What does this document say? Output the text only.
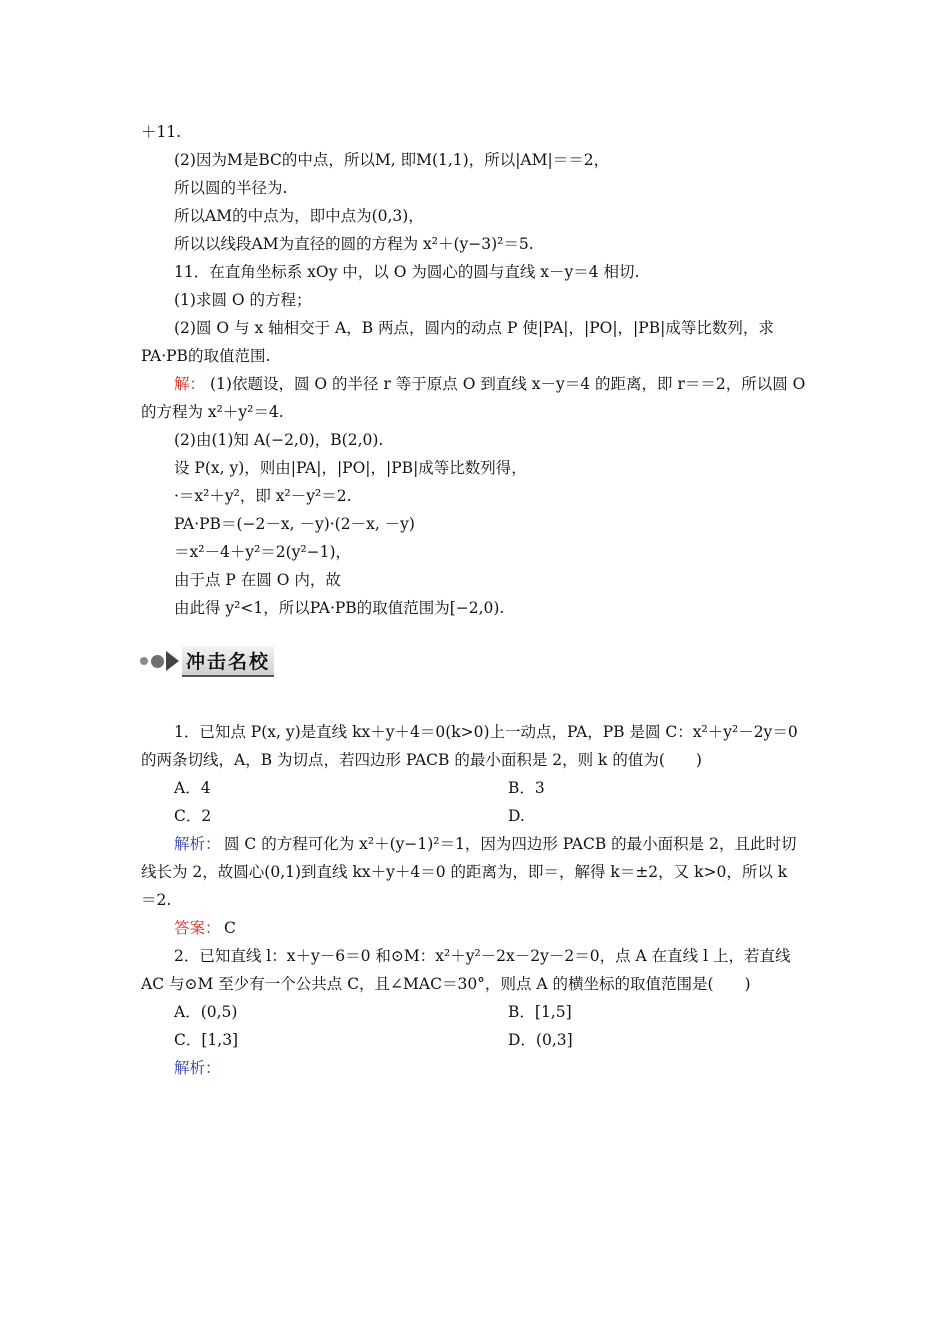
＋11.
(2)因为M是BC的中点，所以M, 即M(1,1)，所以|AM|＝＝2，
所以圆的半径为.
所以AM的中点为，即中点为(0,3)，
所以以线段AM为直径的圆的方程为 x²＋(y−3)²＝5.
11．在直角坐标系 xOy 中，以 O 为圆心的圆与直线 x－y＝4 相切.
(1)求圆 O 的方程；
(2)圆 O 与 x 轴相交于 A，B 两点，圆内的动点 P 使|PA|，|PO|，|PB|成等比数列，求
PA·PB的取值范围.
(1)依题设，圆 O 的半径 r 等于原点 O 到直线 x－y＝4 的距离，即 r＝＝2，所以圆 O
的方程为 x²＋y²＝4.
(2)由(1)知 A(−2,0)，B(2,0).
设 P(x, y)，则由|PA|，|PO|，|PB|成等比数列得，
·＝x²＋y²，即 x²－y²＝2.
PA·PB＝(−2－x, －y)·(2－x, －y)
＝x²－4＋y²＝2(y²−1)，
由于点 P 在圆 O 内，故
由此得 y²<1，所以PA·PB的取值范围为[−2,0).
1．已知点 P(x, y)是直线 kx＋y＋4＝0(k>0)上一动点，PA，PB 是圆 C：x²＋y²－2y＝0
的两条切线，A，B 为切点，若四边形 PACB 的最小面积是 2，则 k 的值为(　　)
A．4	B．3
C．2	D.
圆 C 的方程可化为 x²＋(y−1)²＝1，因为四边形 PACB 的最小面积是 2，且此时切
线长为 2，故圆心(0,1)到直线 kx＋y＋4＝0 的距离为，即＝，解得 k＝±2，又 k>0，所以 k
＝2.
C
2．已知直线 l：x＋y－6＝0 和⊙M：x²＋y²－2x－2y－2＝0，点 A 在直线 l 上，若直线
AC 与⊙M 至少有一个公共点 C，且∠MAC＝30°，则点 A 的横坐标的取值范围是(　　)
A．(0,5)	B．[1,5]
C．[1,3]	D．(0,3]
解：
解析：
答案：
解析：
冲击名校
